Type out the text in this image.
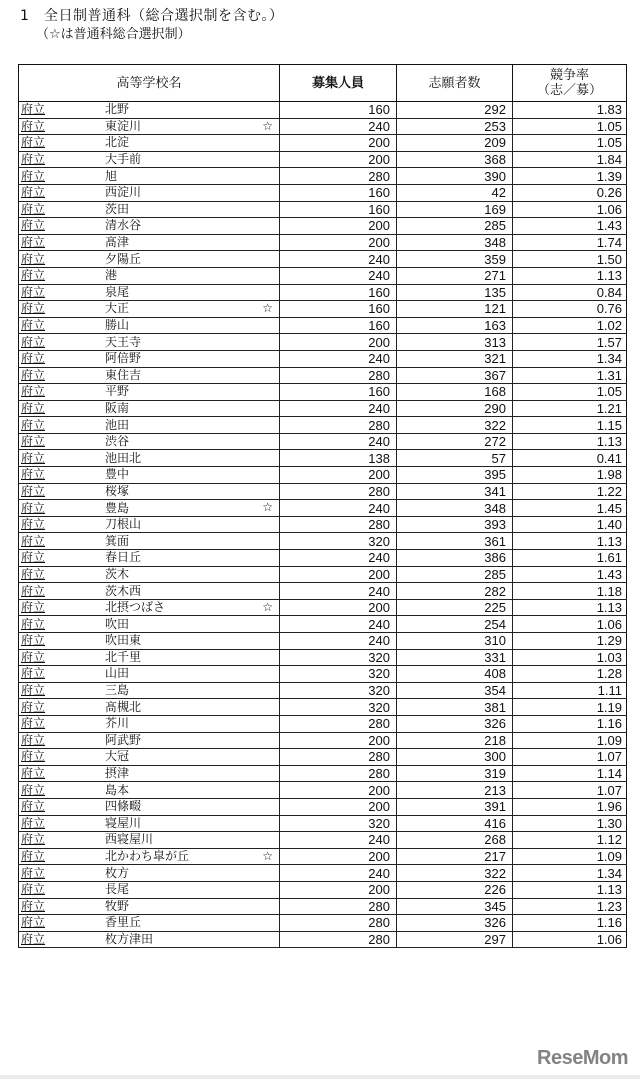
1 全日制普通科（総合選択制を含む。）
（☆は普通科総合選択制）
高等学校名	募集人員	志願者数	競争率
（志／募）

府立 北野	160	292	1.83
府立 東淀川 ☆	240	253	1.05
府立 北淀	200	209	1.05
府立 大手前	200	368	1.84
府立 旭	280	390	1.39
府立 西淀川	160	42	0.26
府立 茨田	160	169	1.06
府立 清水谷	200	285	1.43
府立 髙津	200	348	1.74
府立 夕陽丘	240	359	1.50
府立 港	240	271	1.13
府立 泉尾	160	135	0.84
府立 大正 ☆	160	121	0.76
府立 勝山	160	163	1.02
府立 天王寺	200	313	1.57
府立 阿倍野	240	321	1.34
府立 東住吉	280	367	1.31
府立 平野	160	168	1.05
府立 阪南	240	290	1.21
府立 池田	280	322	1.15
府立 渋谷	240	272	1.13
府立 池田北	138	57	0.41
府立 豊中	200	395	1.98
府立 桜塚	280	341	1.22
府立 豊島 ☆	240	348	1.45
府立 刀根山	280	393	1.40
府立 箕面	320	361	1.13
府立 春日丘	240	386	1.61
府立 茨木	200	285	1.43
府立 茨木西	240	282	1.18
府立 北摂つばさ ☆	200	225	1.13
府立 吹田	240	254	1.06
府立 吹田東	240	310	1.29
府立 北千里	320	331	1.03
府立 山田	320	408	1.28
府立 三島	320	354	1.11
府立 髙槻北	320	381	1.19
府立 芥川	280	326	1.16
府立 阿武野	200	218	1.09
府立 大冠	280	300	1.07
府立 摂津	280	319	1.14
府立 島本	200	213	1.07
府立 四條畷	200	391	1.96
府立 寝屋川	320	416	1.30
府立 西寝屋川	240	268	1.12
府立 北かわち皐が丘 ☆	200	217	1.09
府立 枚方	240	322	1.34
府立 長尾	200	226	1.13
府立 牧野	280	345	1.23
府立 香里丘	280	326	1.16
府立 枚方津田	280	297	1.06
ReseMom
